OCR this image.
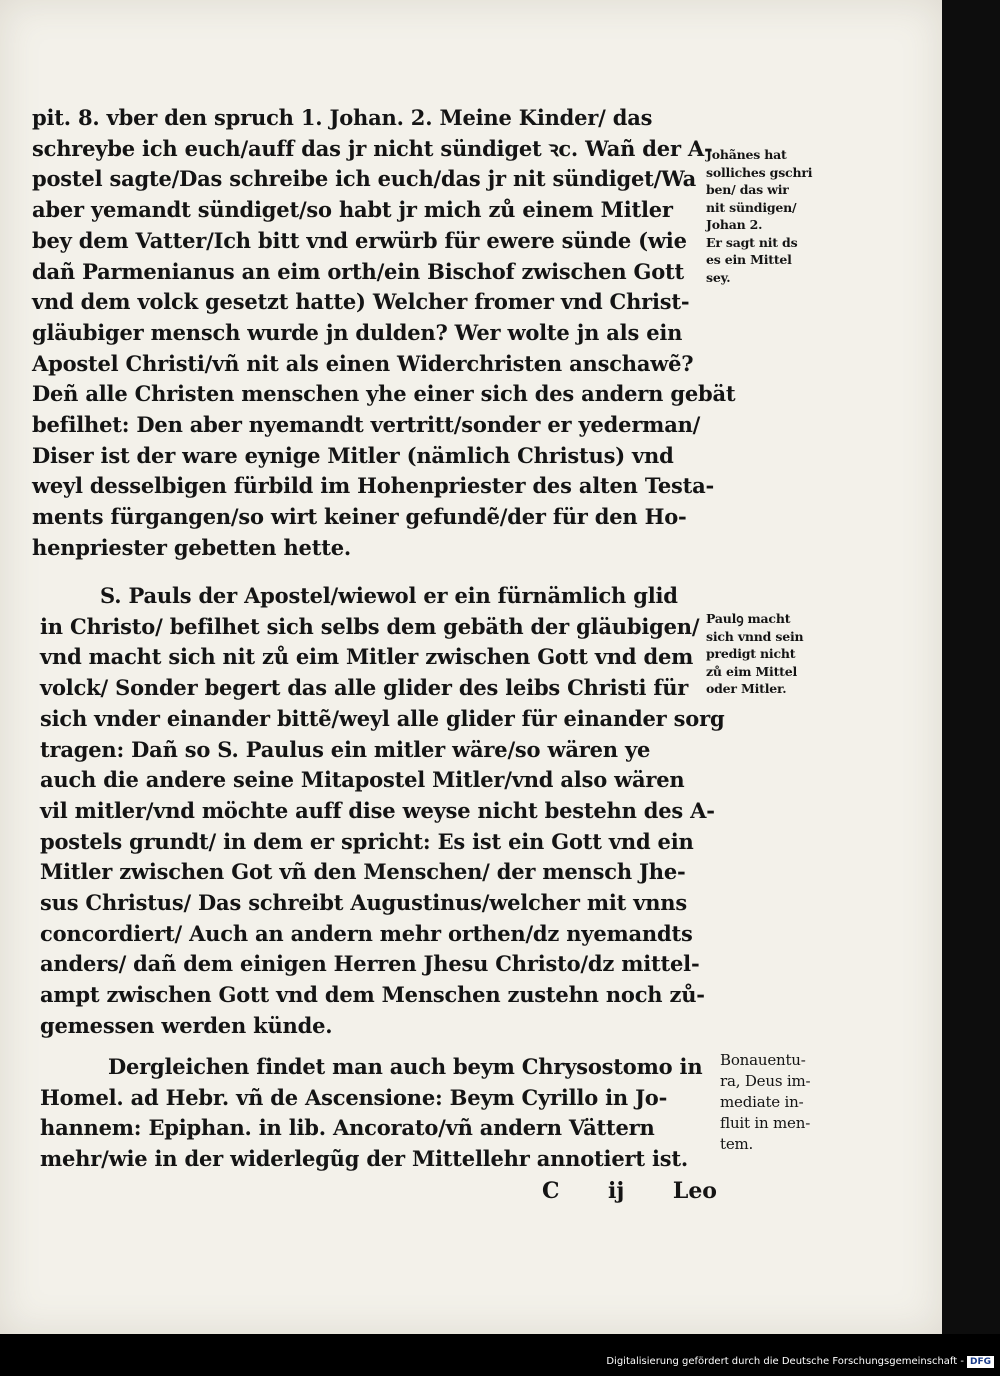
pit. 8. vber den spruch 1. Johan. 2. Meine Kinder/ das
schreybe ich euch/auff das jr nicht sündiget ꝛc. Wañ der A-
postel sagte/Das schreibe ich euch/das jr nit sündiget/Wa
aber yemandt sündiget/so habt jr mich zů einem Mitler
bey dem Vatter/Ich bitt vnd erwürb für ewere sünde (wie
dañ Parmenianus an eim orth/ein Bischof zwischen Gott
vnd dem volck gesetzt hatte) Welcher fromer vnd Christ-
gläubiger mensch wurde jn dulden? Wer wolte jn als ein
Apostel Christi/vñ nit als einen Widerchristen anschawẽ?
Deñ alle Christen menschen yhe einer sich des andern gebät
befilhet: Den aber nyemandt vertritt/sonder er yederman/
Diser ist der ware eynige Mitler (nämlich Christus) vnd
weyl desselbigen fürbild im Hohenpriester des alten Testa-
ments fürgangen/so wirt keiner gefundẽ/der für den Ho-
henpriester gebetten hette.
Johãnes hat
solliches gschri
ben/ das wir
nit sündigen/
Johan 2.
Er sagt nit ds
es ein Mittel
sey.
S. Pauls der Apostel/wiewol er ein fürnämlich glid
in Christo/ befilhet sich selbs dem gebäth der gläubigen/
vnd macht sich nit zů eim Mitler zwischen Gott vnd dem
volck/ Sonder begert das alle glider des leibs Christi für
sich vnder einander bittẽ/weyl alle glider für einander sorg
tragen: Dañ so S. Paulus ein mitler wäre/so wären ye
auch die andere seine Mitapostel Mitler/vnd also wären
vil mitler/vnd möchte auff dise weyse nicht bestehn des A-
postels grundt/ in dem er spricht: Es ist ein Gott vnd ein
Mitler zwischen Got vñ den Menschen/ der mensch Jhe-
sus Christus/ Das schreibt Augustinus/welcher mit vnns
concordiert/ Auch an andern mehr orthen/dz nyemandts
anders/ dañ dem einigen Herren Jhesu Christo/dz mittel-
ampt zwischen Gott vnd dem Menschen zustehn noch zů-
gemessen werden künde.
Paulꝯ macht
sich vnnd sein
predigt nicht
zů eim Mittel
oder Mitler.
Dergleichen findet man auch beym Chrysostomo in
Homel. ad Hebr. vñ de Ascensione: Beym Cyrillo in Jo-
hannem: Epiphan. in lib. Ancorato/vñ andern Vättern
mehr/wie in der widerlegũg der Mittellehr annotiert ist.
Bonauentu-
ra, Deus im-
mediate in-
fluit in men-
tem.
C ij Leo
Digitalisierung gefördert durch die Deutsche Forschungsgemeinschaft - DFG
